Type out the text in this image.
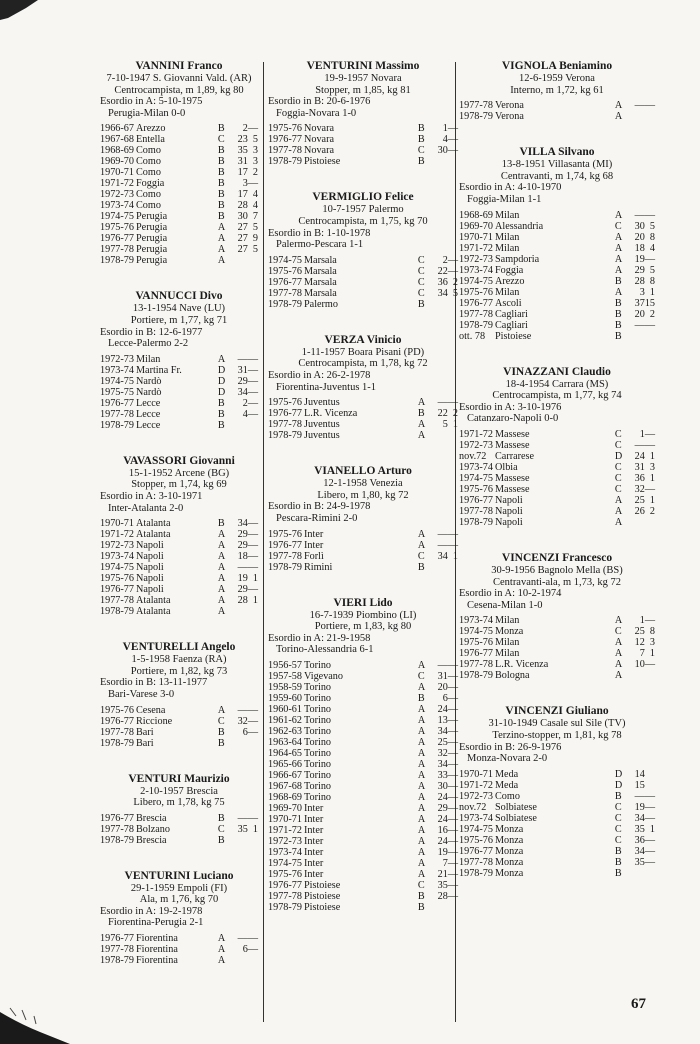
VANNINI Franco
7-10-1947 S. Giovanni Vald. (AR)
Centrocampista, m 1,89, kg 80
Esordio in A: 5-10-1975
Perugia-Milan 0-0
1966-67	Arezzo	B	2	—
1967-68	Entella	C	23	5
1968-69	Como	B	35	3
1969-70	Como	B	31	3
1970-71	Como	B	17	2
1971-72	Foggia	B	3	—
1972-73	Como	B	17	4
1973-74	Como	B	28	4
1974-75	Perugia	B	30	7
1975-76	Perugia	A	27	5
1976-77	Perugia	A	27	9
1977-78	Perugia	A	27	5
1978-79	Perugia	A		
VANNUCCI Divo
13-1-1954 Nave (LU)
Portiere, m 1,77, kg 71
Esordio in B: 12-6-1977
Lecce-Palermo 2-2
1972-73	Milan	A	—	—
1973-74	Martina Fr.	D	31	—
1974-75	Nardò	D	29	—
1975-75	Nardò	D	34	—
1976-77	Lecce	B	2	—
1977-78	Lecce	B	4	—
1978-79	Lecce	B		
VAVASSORI Giovanni
15-1-1952 Arcene (BG)
Stopper, m 1,74, kg 69
Esordio in A: 3-10-1971
Inter-Atalanta 2-0
1970-71	Atalanta	B	34	—
1971-72	Atalanta	A	29	—
1972-73	Napoli	A	29	—
1973-74	Napoli	A	18	—
1974-75	Napoli	A	—	—
1975-76	Napoli	A	19	1
1976-77	Napoli	A	29	—
1977-78	Atalanta	A	28	1
1978-79	Atalanta	A		
VENTURELLI Angelo
1-5-1958 Faenza (RA)
Portiere, m 1,82, kg 73
Esordio in B: 13-11-1977
Bari-Varese 3-0
1975-76	Cesena	A	—	—
1976-77	Riccione	C	32	—
1977-78	Bari	B	6	—
1978-79	Bari	B		
VENTURI Maurizio
2-10-1957 Brescia
Libero, m 1,78, kg 75
1976-77	Brescia	B	—	—
1977-78	Bolzano	C	35	1
1978-79	Brescia	B		
VENTURINI Luciano
29-1-1959 Empoli (FI)
Ala, m 1,76, kg 70
Esordio in A: 19-2-1978
Fiorentina-Perugia 2-1
1976-77	Fiorentina	A	—	—
1977-78	Fiorentina	A	6	—
1978-79	Fiorentina	A		
VENTURINI Massimo
19-9-1957 Novara
Stopper, m 1,85, kg 81
Esordio in B: 20-6-1976
Foggia-Novara 1-0
1975-76	Novara	B	1	—
1976-77	Novara	B	4	—
1977-78	Novara	C	30	—
1978-79	Pistoiese	B		
VERMIGLIO Felice
10-7-1957 Palermo
Centrocampista, m 1,75, kg 70
Esordio in B: 1-10-1978
Palermo-Pescara 1-1
1974-75	Marsala	C	2	—
1975-76	Marsala	C	22	—
1976-77	Marsala	C	36	2
1977-78	Marsala	C	34	5
1978-79	Palermo	B		
VERZA Vinicio
1-11-1957 Boara Pisani (PD)
Centrocampista, m 1,78, kg 72
Esordio in A: 26-2-1978
Fiorentina-Juventus 1-1
1975-76	Juventus	A	—	—
1976-77	L.R. Vicenza	B	22	2
1977-78	Juventus	A	5	1
1978-79	Juventus	A		
VIANELLO Arturo
12-1-1958 Venezia
Libero, m 1,80, kg 72
Esordio in B: 24-9-1978
Pescara-Rimini 2-0
1975-76	Inter	A	—	—
1976-77	Inter	A	—	—
1977-78	Forlì	C	34	1
1978-79	Rimini	B		
VIERI Lido
16-7-1939 Piombino (LI)
Portiere, m 1,83, kg 80
Esordio in A: 21-9-1958
Torino-Alessandria 6-1
1956-57	Torino	A	—	—
1957-58	Vigevano	C	31	—
1958-59	Torino	A	20	—
1959-60	Torino	B	6	—
1960-61	Torino	A	24	—
1961-62	Torino	A	13	—
1962-63	Torino	A	34	—
1963-64	Torino	A	25	—
1964-65	Torino	A	32	—
1965-66	Torino	A	34	—
1966-67	Torino	A	33	—
1967-68	Torino	A	30	—
1968-69	Torino	A	24	—
1969-70	Inter	A	29	—
1970-71	Inter	A	24	—
1971-72	Inter	A	16	—
1972-73	Inter	A	24	—
1973-74	Inter	A	19	—
1974-75	Inter	A	7	—
1975-76	Inter	A	21	—
1976-77	Pistoiese	C	35	—
1977-78	Pistoiese	B	28	—
1978-79	Pistoiese	B		
VIGNOLA Beniamino
12-6-1959 Verona
Interno, m 1,72, kg 61
1977-78	Verona	A	—	—
1978-79	Verona	A		
VILLA Silvano
13-8-1951 Villasanta (MI)
Centravanti, m 1,74, kg 68
Esordio in A: 4-10-1970
Foggia-Milan 1-1
1968-69	Milan	A	—	—
1969-70	Alessandria	C	30	5
1970-71	Milan	A	20	8
1971-72	Milan	A	18	4
1972-73	Sampdoria	A	19	—
1973-74	Foggia	A	29	5
1974-75	Arezzo	B	28	8
1975-76	Milan	A	3	1
1976-77	Ascoli	B	37	15
1977-78	Cagliari	B	20	2
1978-79	Cagliari	B	—	—
ott. 78	Pistoiese	B		
VINAZZANI Claudio
18-4-1954 Carrara (MS)
Centrocampista, m 1,77, kg 74
Esordio in A: 3-10-1976
Catanzaro-Napoli 0-0
1971-72	Massese	C	1	—
1972-73	Massese	C	—	—
nov.72	Carrarese	D	24	1
1973-74	Olbia	C	31	3
1974-75	Massese	C	36	1
1975-76	Massese	C	32	—
1976-77	Napoli	A	25	1
1977-78	Napoli	A	26	2
1978-79	Napoli	A		
VINCENZI Francesco
30-9-1956 Bagnolo Mella (BS)
Centravanti-ala, m 1,73, kg 72
Esordio in A: 10-2-1974
Cesena-Milan 1-0
1973-74	Milan	A	1	—
1974-75	Monza	C	25	8
1975-76	Milan	A	12	3
1976-77	Milan	A	7	1
1977-78	L.R. Vicenza	A	10	—
1978-79	Bologna	A		
VINCENZI Giuliano
31-10-1949 Casale sul Sile (TV)
Terzino-stopper, m 1,81, kg 78
Esordio in B: 26-9-1976
Monza-Novara 2-0
1970-71	Meda	D	14	
1971-72	Meda	D	15	
1972-73	Como	B	—	—
nov.72	Solbiatese	C	19	—
1973-74	Solbiatese	C	34	—
1974-75	Monza	C	35	1
1975-76	Monza	C	36	—
1976-77	Monza	B	34	—
1977-78	Monza	B	35	—
1978-79	Monza	B		
67
